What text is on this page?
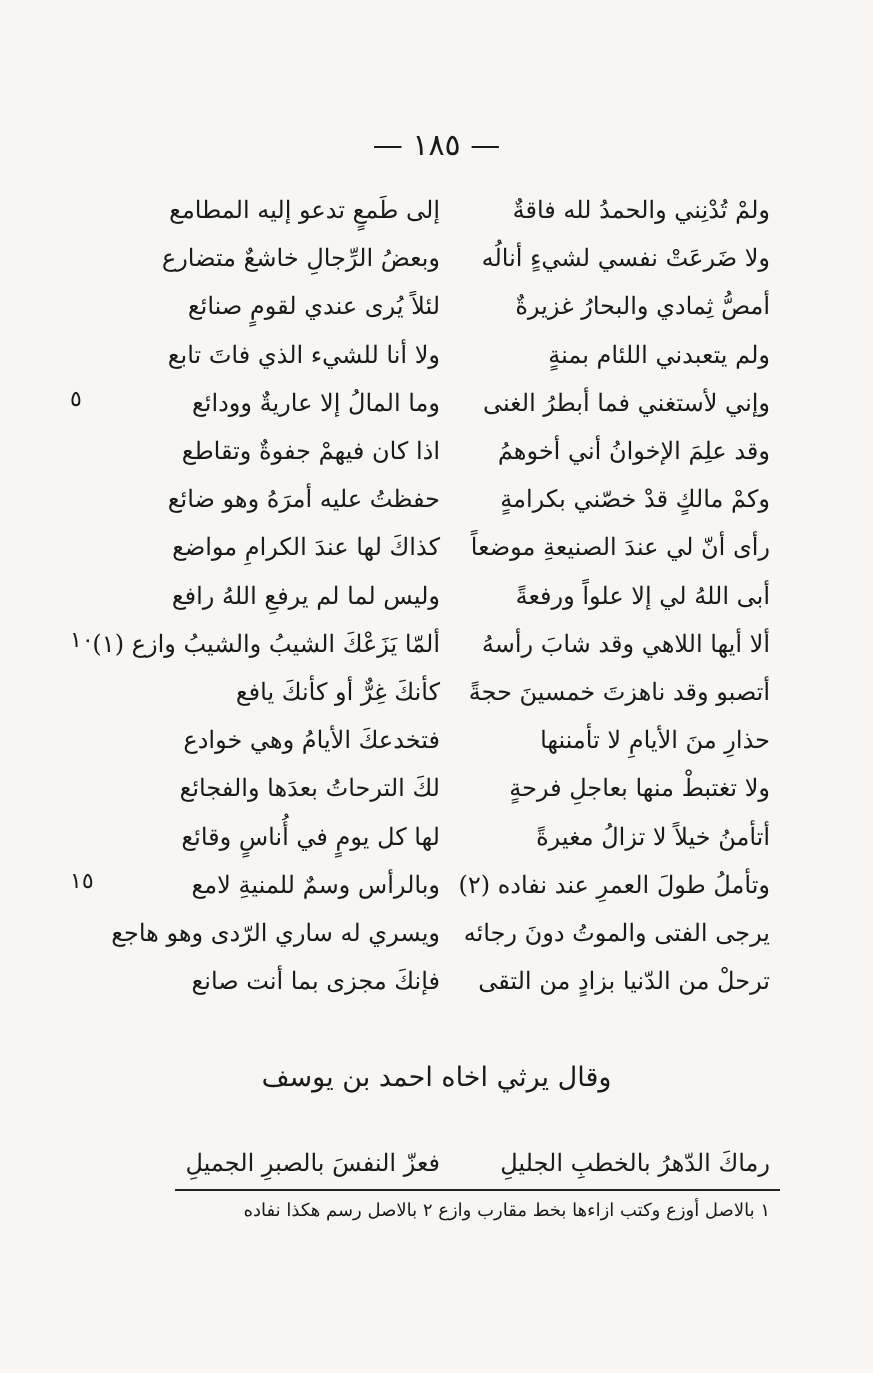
— ١٨٥ —
ولمْ تُدْنِني والحمدُ لله فاقةٌ
إلى طَمعٍ تدعو إليه المطامع
ولا ضَرعَتْ نفسي لشيءٍ أنالُه
وبعضُ الرِّجالِ خاشعٌ متضارع
أمصُّ ثِمادي والبحارُ غزيرةٌ
لئلاً يُرى عندي لقومٍ صنائع
ولم يتعبدني اللئام بمنةٍ
ولا أنا للشيء الذي فاتَ تابع
وإني لأستغني فما أبطرُ الغنى
وما المالُ إلا عاريةٌ وودائع
وقد علِمَ الإخوانُ أني أخوهمُ
اذا كان فيهمْ جفوةٌ وتقاطع
وكمْ مالكٍ قدْ خصّني بكرامةٍ
حفظتُ عليه أمرَهُ وهو ضائع
رأى أنّ لي عندَ الصنيعةِ موضعاً
كذاكَ لها عندَ الكرامِ مواضع
أبى اللهُ لي إلا علواً ورفعةً
وليس لما لم يرفعِ اللهُ رافع
ألا أيها اللاهي وقد شابَ رأسهُ
ألمّا يَزَعْكَ الشيبُ والشيبُ وازع (١)
أتصبو وقد ناهزتَ خمسينَ حجةً
كأنكَ غِرٌّ أو كأنكَ يافع
حذارِ منَ الأيامِ لا تأمننها
فتخدعكَ الأيامُ وهي خوادع
ولا تغتبطْ منها بعاجلِ فرحةٍ
لكَ الترحاتُ بعدَها والفجائع
أتأمنُ خيلاً لا تزالُ مغيرةً
لها كل يومٍ في أُناسٍ وقائع
وتأملُ طولَ العمرِ عند نفاده (٢)
وبالرأس وسمٌ للمنيةِ لامع
يرجى الفتى والموتُ دونَ رجائه
ويسري له ساري الرّدى وهو هاجع
ترحلْ من الدّنيا بزادٍ من التقى
فإنكَ مجزى بما أنت صانع
٥
١٠
١٥
وقال يرثي اخاه احمد بن يوسف
رماكَ الدّهرُ بالخطبِ الجليلِ
فعزّ النفسَ بالصبرِ الجميلِ
١ بالاصل أوزع وكتب ازاءها بخط مقارب وازع ٢ بالاصل رسم هكذا نفاده
